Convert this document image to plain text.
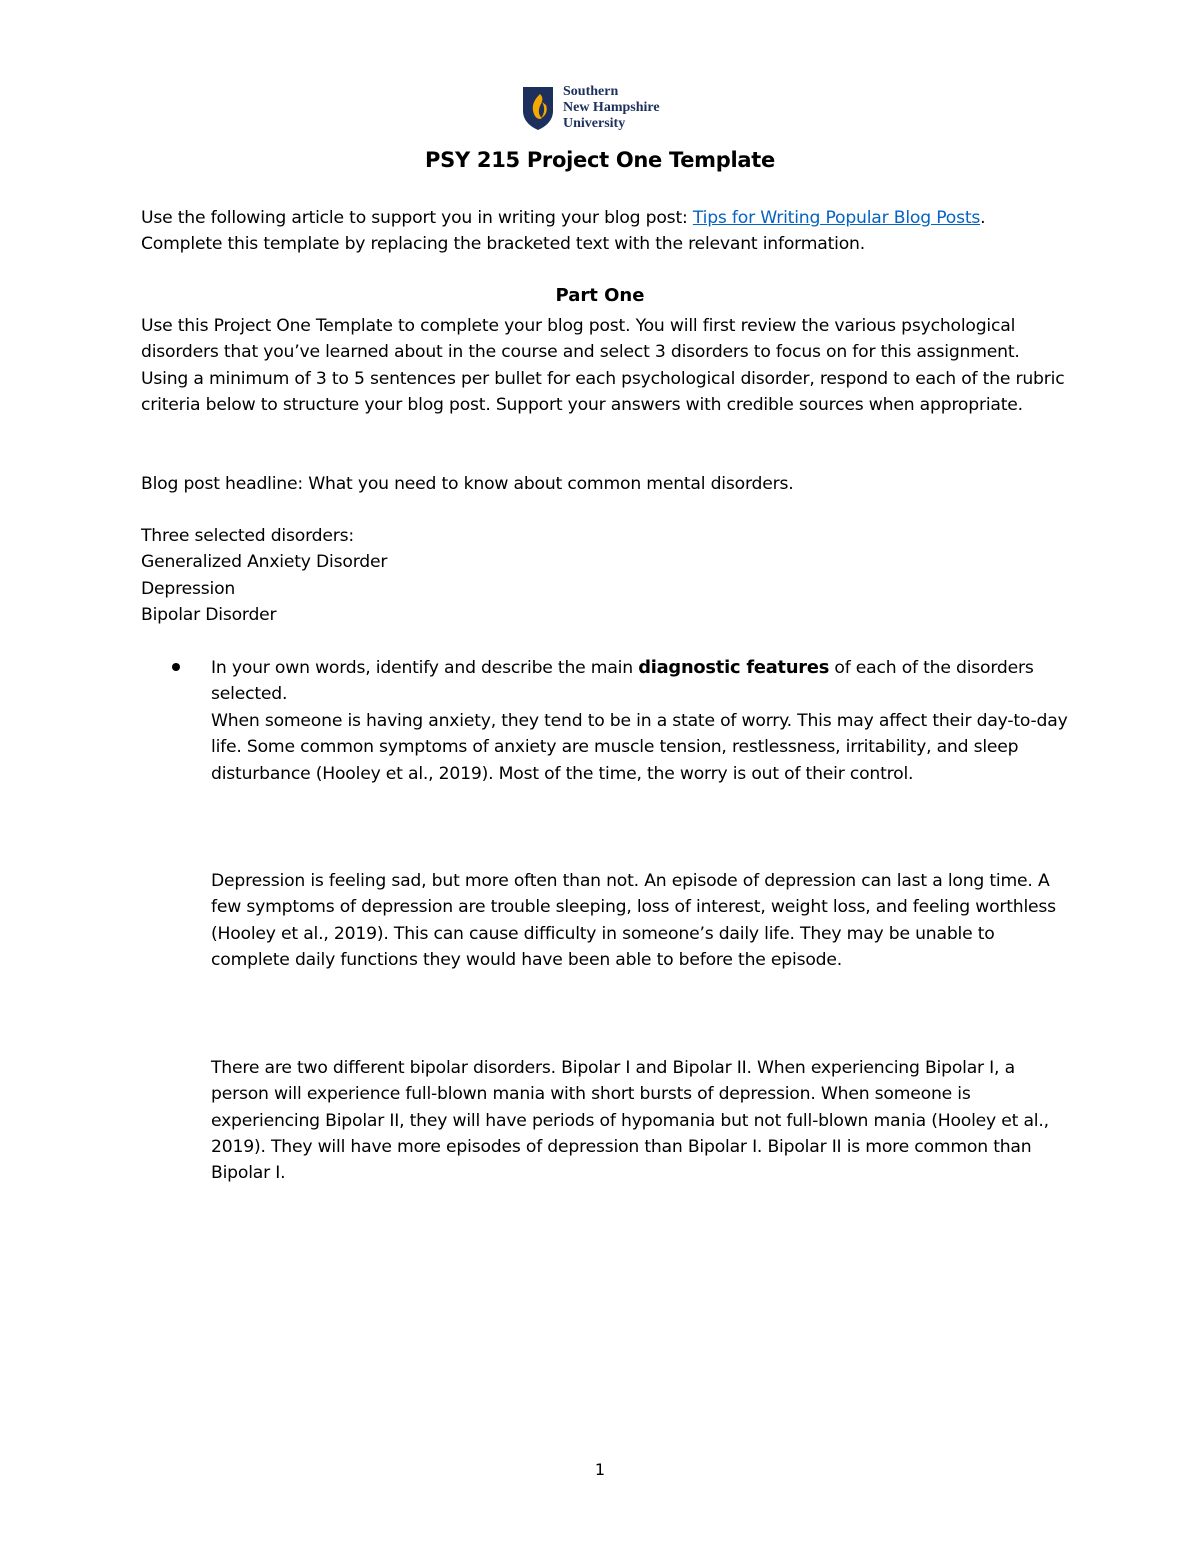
Southern
New Hampshire
University
PSY 215 Project One Template

Use the following article to support you in writing your blog post: Tips for Writing Popular Blog Posts.

Complete this template by replacing the bracketed text with the relevant information.

Part One
Use this Project One Template to complete your blog post. You will first review the various psychological disorders that you’ve learned about in the course and select 3 disorders to focus on for this assignment. Using a minimum of 3 to 5 sentences per bullet for each psychological disorder, respond to each of the rubric criteria below to structure your blog post. Support your answers with credible sources when appropriate.
Blog post headline: What you need to know about common mental disorders.

Three selected disorders:

Generalized Anxiety Disorder

Depression

Bipolar Disorder

In your own words, identify and describe the main diagnostic features of each of the disorders selected.
When someone is having anxiety, they tend to be in a state of worry. This may affect their day-to-day life. Some common symptoms of anxiety are muscle tension, restlessness, irritability, and sleep disturbance (Hooley et al., 2019). Most of the time, the worry is out of their control.
Depression is feeling sad, but more often than not. An episode of depression can last a long time. A few symptoms of depression are trouble sleeping, loss of interest, weight loss, and feeling worthless (Hooley et al., 2019). This can cause difficulty in someone’s daily life. They may be unable to complete daily functions they would have been able to before the episode.
There are two different bipolar disorders. Bipolar I and Bipolar II. When experiencing Bipolar I, a person will experience full-blown mania with short bursts of depression. When someone is experiencing Bipolar II, they will have periods of hypomania but not full-blown mania (Hooley et al., 2019). They will have more episodes of depression than Bipolar I. Bipolar II is more common than Bipolar I.
1
